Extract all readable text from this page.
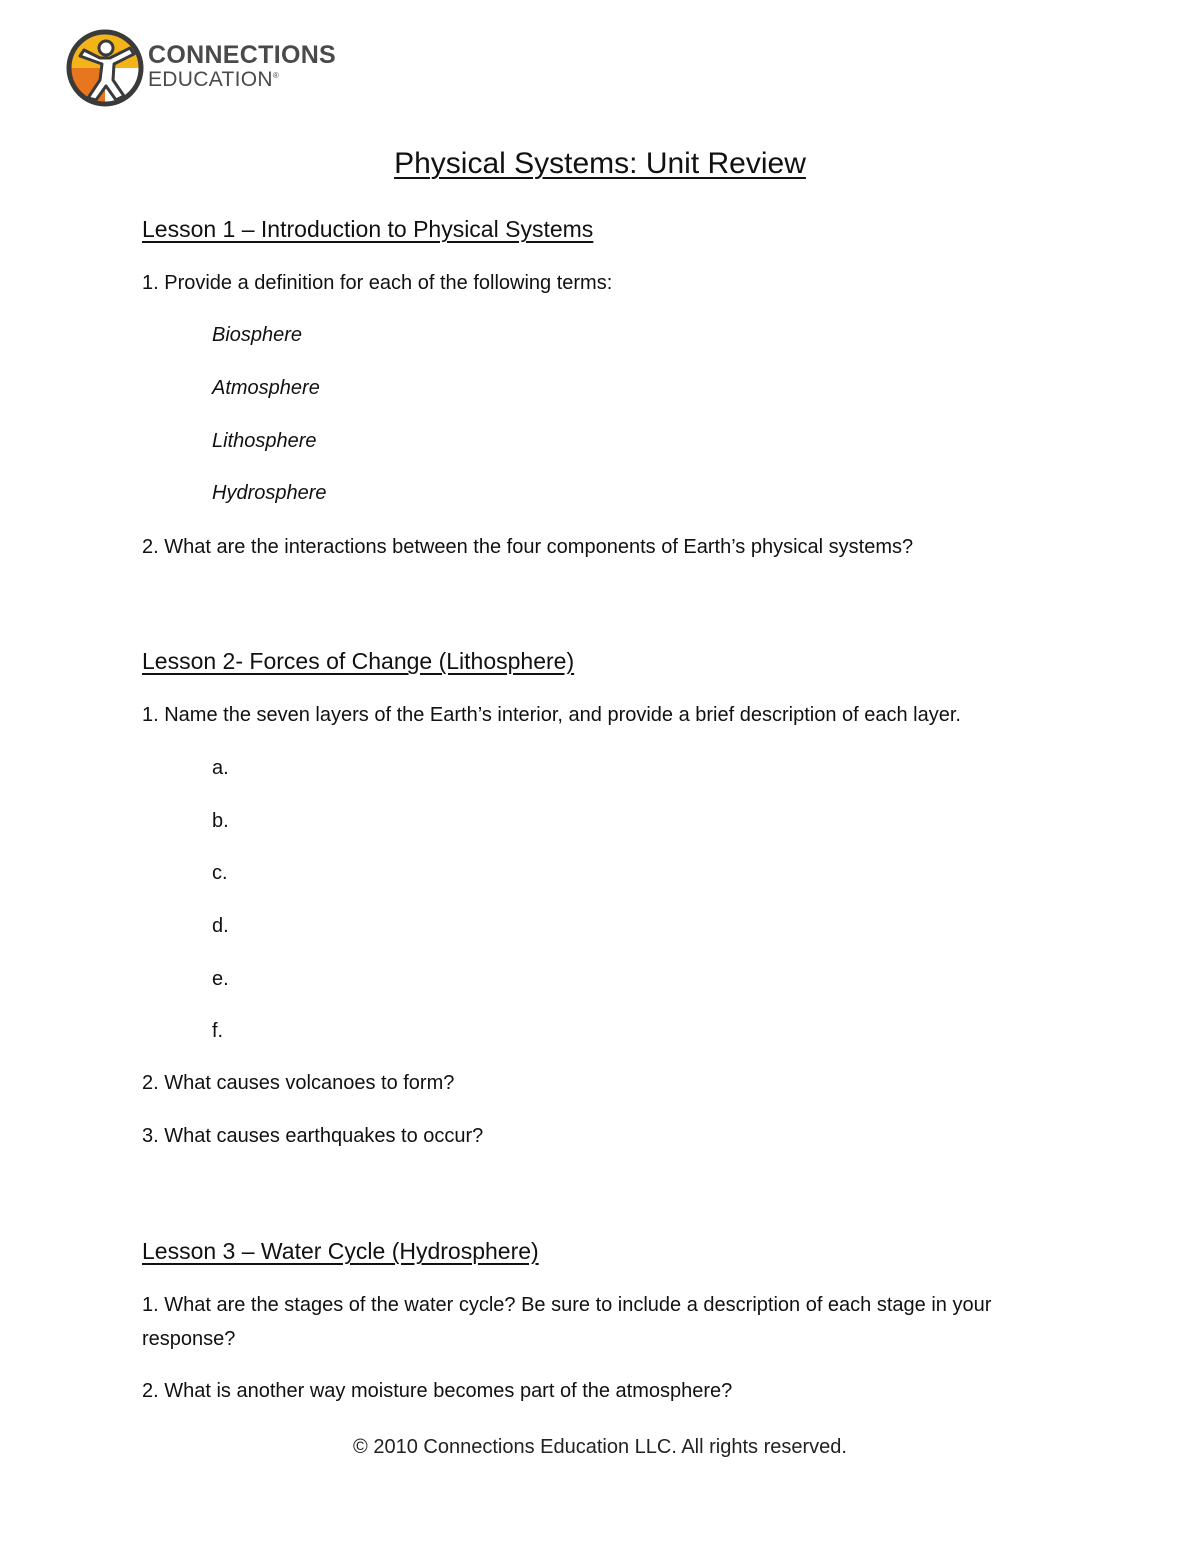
CONNECTIONS
EDUCATION®
Physical Systems: Unit Review
Lesson 1 – Introduction to Physical Systems
1. Provide a definition for each of the following terms:
Biosphere
Atmosphere
Lithosphere
Hydrosphere
2. What are the interactions between the four components of Earth’s physical systems?
Lesson 2- Forces of Change (Lithosphere)
1. Name the seven layers of the Earth’s interior, and provide a brief description of each layer.
a.
b.
c.
d.
e.
f.
2. What causes volcanoes to form?
3. What causes earthquakes to occur?
Lesson 3 – Water Cycle (Hydrosphere)
1. What are the stages of the water cycle? Be sure to include a description of each stage in your
response?
2. What is another way moisture becomes part of the atmosphere?
© 2010 Connections Education LLC. All rights reserved.
